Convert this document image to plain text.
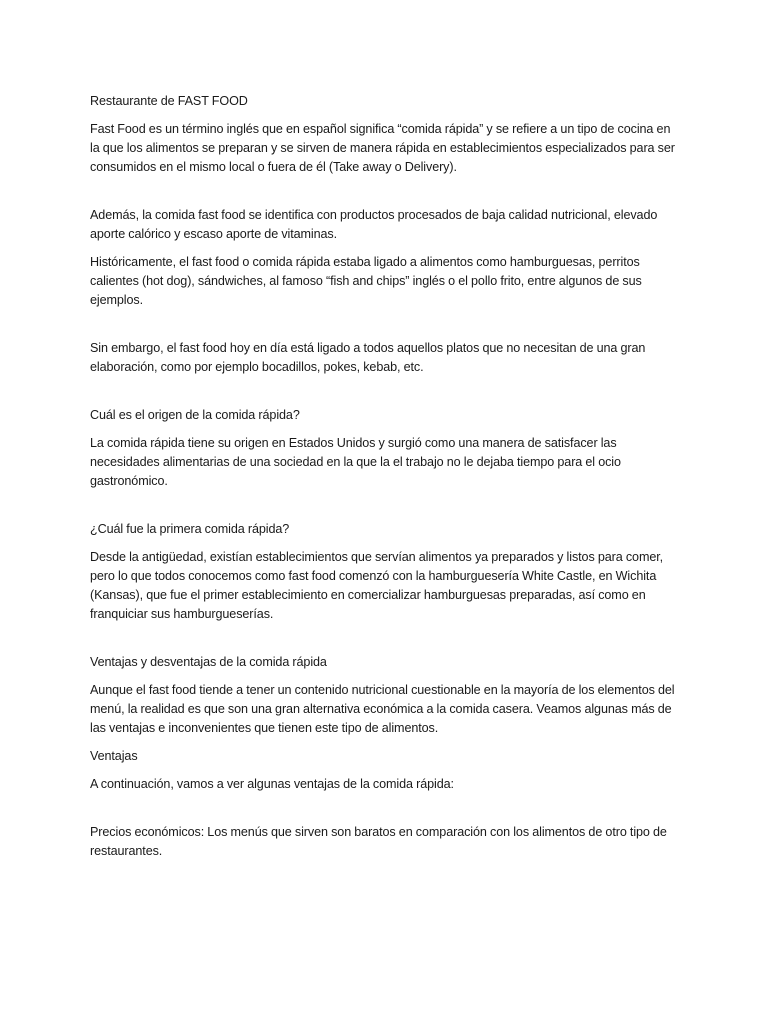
Restaurante de FAST FOOD

Fast Food es un término inglés que en español significa “comida rápida” y se refiere a un tipo de cocina en la que los alimentos se preparan y se sirven de manera rápida en establecimientos especializados para ser consumidos en el mismo local o fuera de él (Take away o Delivery).

Además, la comida fast food se identifica con productos procesados de baja calidad nutricional, elevado aporte calórico y escaso aporte de vitaminas.

Históricamente, el fast food o comida rápida estaba ligado a alimentos como hamburguesas, perritos calientes (hot dog), sándwiches, al famoso “fish and chips” inglés o el pollo frito, entre algunos de sus ejemplos.

Sin embargo, el fast food hoy en día está ligado a todos aquellos platos que no necesitan de una gran elaboración, como por ejemplo bocadillos, pokes, kebab, etc.

Cuál es el origen de la comida rápida?

La comida rápida tiene su origen en Estados Unidos y surgió como una manera de satisfacer las necesidades alimentarias de una sociedad en la que la el trabajo no le dejaba tiempo para el ocio gastronómico.

¿Cuál fue la primera comida rápida?

Desde la antigüedad, existían establecimientos que servían alimentos ya preparados y listos para comer, pero lo que todos conocemos como fast food comenzó con la hamburguesería White Castle, en Wichita (Kansas), que fue el primer establecimiento en comercializar hamburguesas preparadas, así como en franquiciar sus hamburgueserías.

Ventajas y desventajas de la comida rápida

Aunque el fast food tiende a tener un contenido nutricional cuestionable en la mayoría de los elementos del menú, la realidad es que son una gran alternativa económica a la comida casera. Veamos algunas más de las ventajas e inconvenientes que tienen este tipo de alimentos.

Ventajas

A continuación, vamos a ver algunas ventajas de la comida rápida:

Precios económicos: Los menús que sirven son baratos en comparación con los alimentos de otro tipo de restaurantes.
